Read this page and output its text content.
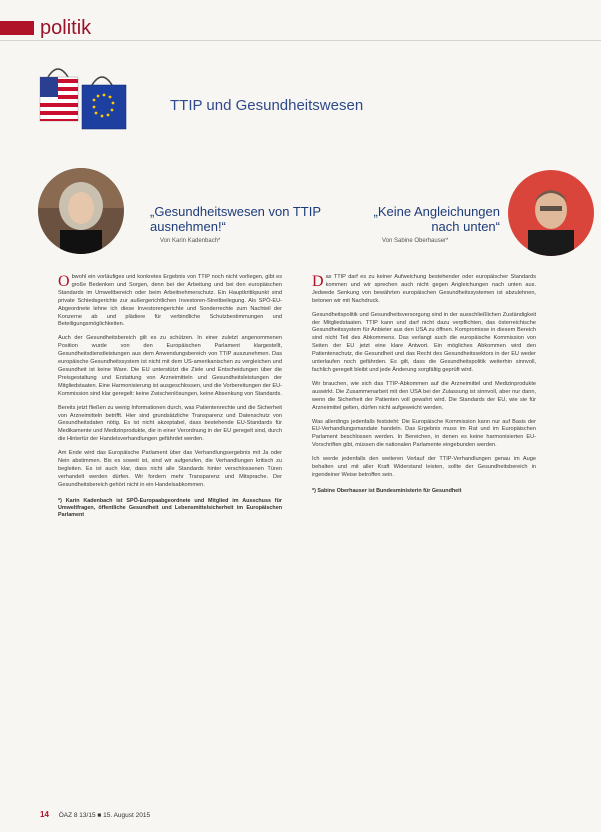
politik
TTIP und Gesundheitswesen
„Gesundheitswesen von TTIP ausnehmen!“
Von Karin Kadenbach*
„Keine Angleichungen nach unten“
Von Sabine Oberhauser*

Obwohl ein vorläufiges und konkretes Ergebnis von TTIP noch nicht vorliegen, gibt es große Bedenken und Sorgen, denn bei der Arbeitung und bei den europäischen Standards im Umweltbereich oder beim Arbeitnehmerschutz. Ein Hauptkritikpunkt sind private Schiedsgerichte zur außergerichtlichen Investoren-Streitbeilegung. Als SPÖ-EU-Abgeordnete lehne ich diese Investorengerichte und Sonderrechte zum Nachteil der Konzerne ab und plädiere für verbindliche Schutzbestimmungen und Beteiligungsmöglichkeiten.

Auch der Gesundheitsbereich gilt es zu schützen. In einer zuletzt angenommenen Position wurde von den Europäischen Parlament klargestellt, Gesundheitsdienstleistungen aus dem Anwendungsbereich von TTIP auszunehmen. Das europäische Gesundheitssystem ist nicht mit dem US-amerikanischen zu vergleichen und Gesundheit ist keine Ware. Die EU unterstützt die Ziele und Entscheidungen über die Preisgestaltung und Erstattung von Arzneimitteln und Gesundheitsleistungen der Mitgliedstaaten. Eine Harmonisierung ist ausgeschlossen, und die Vorbereitungen der EU-Kommission sind klar geregelt: keine Zwischenlösungen, keine Absenkung von Standards.

Bereits jetzt fließen zu wenig Informationen durch, was Patientenrechte und die Sicherheit von Arzneimitteln betrifft. Hier sind grundsätzliche Transparenz und Datenschutz von Gesundheitsdaten nötig. Es ist nicht akzeptabel, dass bestehende EU-Standards für Medikamente und Medizinprodukte, die in einer Verordnung in der EU geregelt sind, durch die Hintertür der Handelsverhandlungen gefährdet werden.

Am Ende wird das Europäische Parlament über das Verhandlungsergebnis mit Ja oder Nein abstimmen. Bis es soweit ist, sind wir aufgerufen, die Verhandlungen kritisch zu begleiten. Es ist auch klar, dass nicht alle Standards hinter verschlossenen Türen verhandelt werden dürfen. Wir fordern mehr Transparenz und Mitsprache. Der Gesundheitsbereich gehört nicht in ein Handelsabkommen.

*) Karin Kadenbach ist SPÖ-Europaabgeordnete und Mitglied im Ausschuss für Umweltfragen, öffentliche Gesundheit und Lebensmittelsicherheit im Europäischen Parlament

Das TTIP darf es zu keiner Aufweichung bestehender oder europäischer Standards kommen und wir sprechen auch nicht gegen Angleichungen nach unten aus. Jedwede Senkung von bewährten europäischen Gesundheitssystemen ist abzulehnen, betonen wir mit Nachdruck.

Gesundheitspolitik und Gesundheitsversorgung sind in der ausschließlichen Zuständigkeit der Mitgliedstaaten. TTIP kann und darf nicht dazu verpflichten, das österreichische Gesundheitssystem für Anbieter aus den USA zu öffnen. Kompromisse in diesem Bereich sind nicht Teil des Abkommens. Das verlangt auch die europäische Kommission von Seiten der EU jetzt eine klare Antwort. Ein mögliches Abkommen wird den Patientenschutz, die Gesundheit und das Recht des Gesundheitssektors in der EU weder unterlaufen noch gefährden. Es gilt, dass die Gesundheitspolitik weiterhin sinnvoll, fachlich geregelt bleibt und jede Änderung sorgfältig geprüft wird.

Wir brauchen, wie sich das TTIP-Abkommen auf die Arzneimittel und Medizinprodukte auswirkt. Die Zusammenarbeit mit den USA bei der Zulassung ist sinnvoll, aber nur dann, wenn die Sicherheit der Patienten voll gewahrt wird. Die Standards der EU, wie sie für Arzneimittel gelten, dürfen nicht aufgeweicht werden.

Was allerdings jedenfalls feststeht: Die Europäische Kommission kann nur auf Basis der EU-Verhandlungsmandate handeln. Das Ergebnis muss im Rat und im Europäischen Parlament beschlossen werden. In Bereichen, in denen es keine harmonisierten EU-Vorschriften gibt, müssen die nationalen Parlamente eingebunden werden.

Ich werde jedenfalls den weiteren Verlauf der TTIP-Verhandlungen genau im Auge behalten und mit aller Kraft Widerstand leisten, sollte der Gesundheitsbereich in irgendeiner Weise betroffen sein.

*) Sabine Oberhauser ist Bundesministerin für Gesundheit
14 ÖAZ 8 13/15 ■ 15. August 2015
